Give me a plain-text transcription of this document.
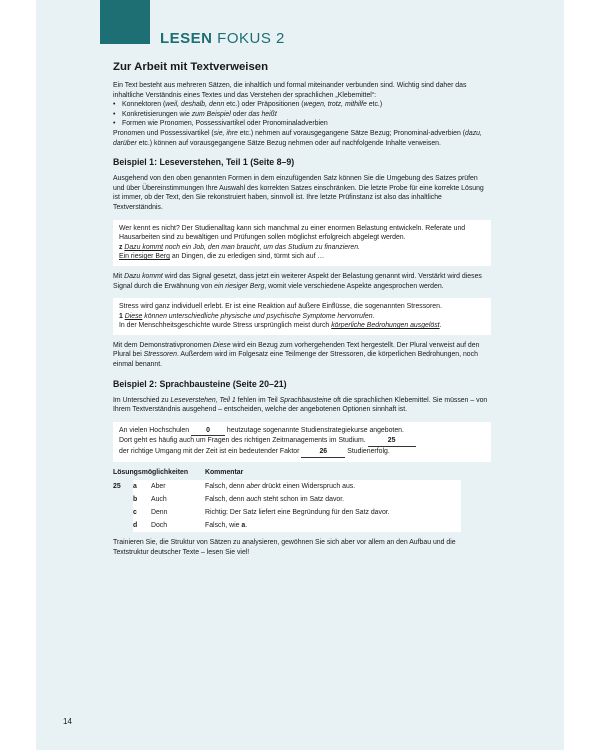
LESEN FOKUS 2
Zur Arbeit mit Textverweisen

Ein Text besteht aus mehreren Sätzen, die inhaltlich und formal miteinander verbunden sind. Wichtig sind daher das inhaltliche Verständnis eines Textes und das Verstehen der sprachlichen „Klebemittel“:

• Konnektoren (weil, deshalb, denn etc.) oder Präpositionen (wegen, trotz, mithilfe etc.)
• Konkretisierungen wie zum Beispiel oder das heißt
• Formen wie Pronomen, Possessivartikel oder Pronominaladverbien

Pronomen und Possessivartikel (sie, ihre etc.) nehmen auf vorausgegangene Sätze Bezug; Pronominal-adverbien (dazu, darüber etc.) können auf vorausgegangene Sätze Bezug nehmen oder auf nachfolgende Inhalte verweisen.

Beispiel 1: Leseverstehen, Teil 1 (Seite 8–9)

Ausgehend von den oben genannten Formen in dem einzufügenden Satz können Sie die Umgebung des Satzes prüfen und über Übereinstimmungen Ihre Auswahl des korrekten Satzes einschränken. Die letzte Probe für eine korrekte Lösung ist immer, ob der Text, den Sie rekonstruiert haben, sinnvoll ist. Ihre letzte Prüfinstanz ist also das inhaltliche Textverständnis.

Wer kennt es nicht? Der Studienalltag kann sich manchmal zu einer enormen Belastung entwickeln. Referate und Hausarbeiten sind zu bewältigen und Prüfungen sollen möglichst erfolgreich abgelegt werden.

z Dazu kommt noch ein Job, den man braucht, um das Studium zu finanzieren.

Ein riesiger Berg an Dingen, die zu erledigen sind, türmt sich auf …

Mit Dazu kommt wird das Signal gesetzt, dass jetzt ein weiterer Aspekt der Belastung genannt wird. Verstärkt wird dieses Signal durch die Erwähnung von ein riesiger Berg, womit viele verschiedene Aspekte angesprochen werden.

Stress wird ganz individuell erlebt. Er ist eine Reaktion auf äußere Einflüsse, die sogenannten Stressoren.

1 Diese können unterschiedliche physische und psychische Symptome hervorrufen.

In der Menschheitsgeschichte wurde Stress ursprünglich meist durch körperliche Bedrohungen ausgelöst.

Mit dem Demonstrativpronomen Diese wird ein Bezug zum vorhergehenden Text hergestellt. Der Plural verweist auf den Plural bei Stressoren. Außerdem wird im Folgesatz eine Teilmenge der Stressoren, die körperlichen Bedrohungen, noch einmal benannt.

Beispiel 2: Sprachbausteine (Seite 20–21)

Im Unterschied zu Leseverstehen, Teil 1 fehlen im Teil Sprachbausteine oft die sprachlichen Klebemittel. Sie müssen – von Ihrem Textverständnis ausgehend – entscheiden, welche der angebotenen Optionen sinnhaft ist.

An vielen Hochschulen 0 heutzutage sogenannte Studienstrategiekurse angeboten.

Dort geht es häufig auch um Fragen des richtigen Zeitmanagements im Studium.	25

der richtige Umgang mit der Zeit ist ein bedeutender Faktor	26	Studienerfolg.

Lösungsmöglichkeiten			Kommentar
25	a	Aber	Falsch, denn aber drückt einen Widerspruch aus.
	b	Auch	Falsch, denn auch steht schon im Satz davor.
	c	Denn	Richtig: Der Satz liefert eine Begründung für den Satz davor.
	d	Doch	Falsch, wie a.

Trainieren Sie, die Struktur von Sätzen zu analysieren, gewöhnen Sie sich aber vor allem an den Aufbau und die Textstruktur deutscher Texte – lesen Sie viel!

14
